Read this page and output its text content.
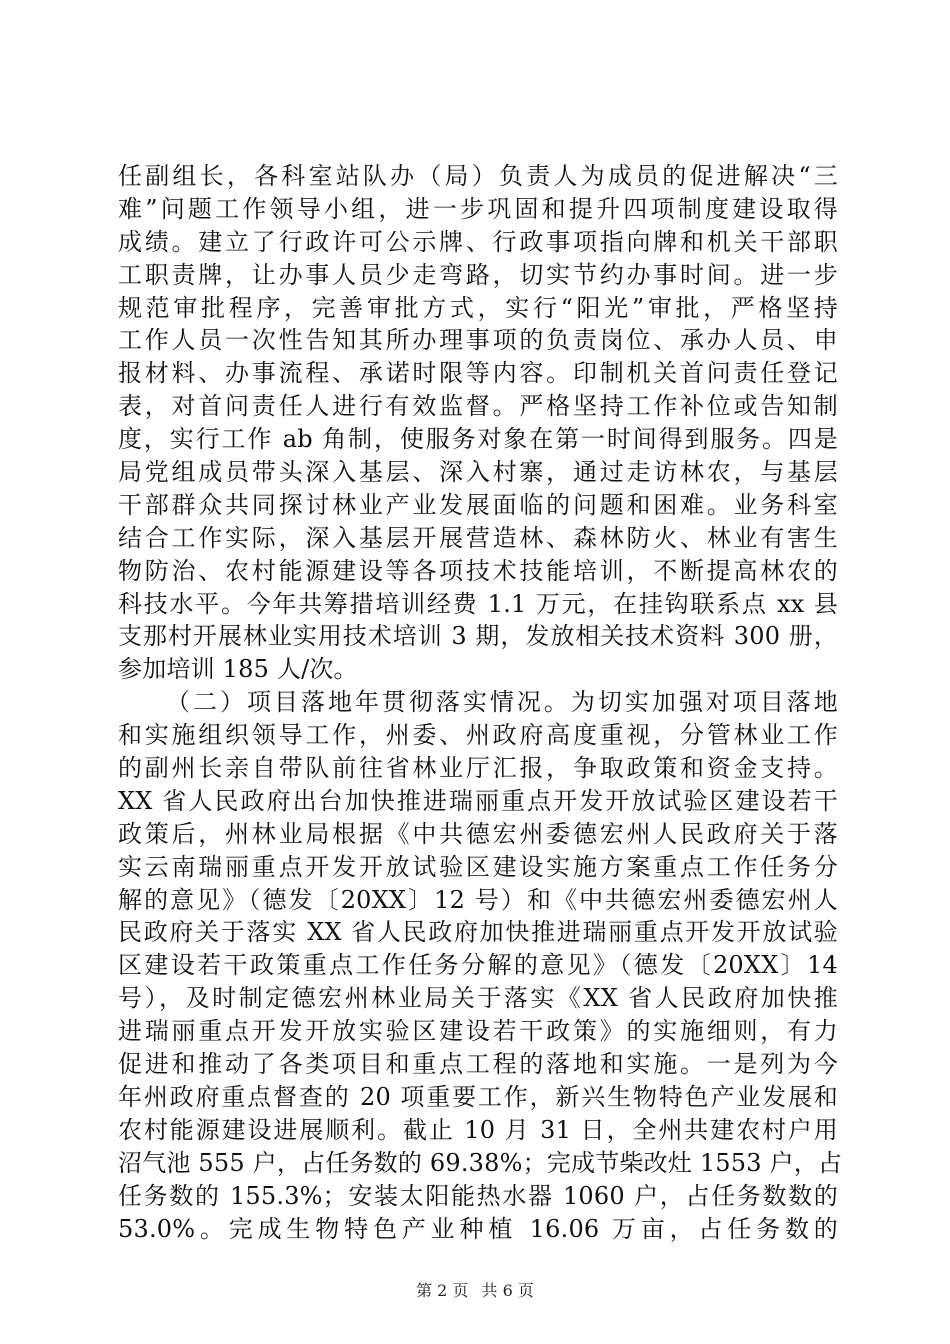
任副组长，各科室站队办（局）负责人为成员的促进解决“三
难”问题工作领导小组，进一步巩固和提升四项制度建设取得
成绩。建立了行政许可公示牌、行政事项指向牌和机关干部职
工职责牌，让办事人员少走弯路，切实节约办事时间。进一步
规范审批程序，完善审批方式，实行“阳光”审批，严格坚持
工作人员一次性告知其所办理事项的负责岗位、承办人员、申
报材料、办事流程、承诺时限等内容。印制机关首问责任登记
表，对首问责任人进行有效监督。严格坚持工作补位或告知制
度，实行工作 ab 角制，使服务对象在第一时间得到服务。四是
局党组成员带头深入基层、深入村寨，通过走访林农，与基层
干部群众共同探讨林业产业发展面临的问题和困难。业务科室
结合工作实际，深入基层开展营造林、森林防火、林业有害生
物防治、农村能源建设等各项技术技能培训，不断提高林农的
科技水平。今年共筹措培训经费 1.1 万元，在挂钩联系点 xx 县
支那村开展林业实用技术培训 3 期，发放相关技术资料 300 册，
参加培训 185 人/次。
（二）项目落地年贯彻落实情况。为切实加强对项目落地
和实施组织领导工作，州委、州政府高度重视，分管林业工作
的副州长亲自带队前往省林业厅汇报，争取政策和资金支持。
XX 省人民政府出台加快推进瑞丽重点开发开放试验区建设若干
政策后，州林业局根据《中共德宏州委德宏州人民政府关于落
实云南瑞丽重点开发开放试验区建设实施方案重点工作任务分
解的意见》（德发〔20XX〕12 号）和《中共德宏州委德宏州人
民政府关于落实 XX 省人民政府加快推进瑞丽重点开发开放试验
区建设若干政策重点工作任务分解的意见》（德发〔20XX〕14
号），及时制定德宏州林业局关于落实《XX 省人民政府加快推
进瑞丽重点开发开放实验区建设若干政策》的实施细则，有力
促进和推动了各类项目和重点工程的落地和实施。一是列为今
年州政府重点督查的 20 项重要工作，新兴生物特色产业发展和
农村能源建设进展顺利。截止 10 月 31 日，全州共建农村户用
沼气池 555 户，占任务数的 69.38%；完成节柴改灶 1553 户，占
任务数的 155.3%；安装太阳能热水器 1060 户，占任务数数的
53.0%。完成生物特色产业种植 16.06 万亩，占任务数的
第 2 页 共 6 页
